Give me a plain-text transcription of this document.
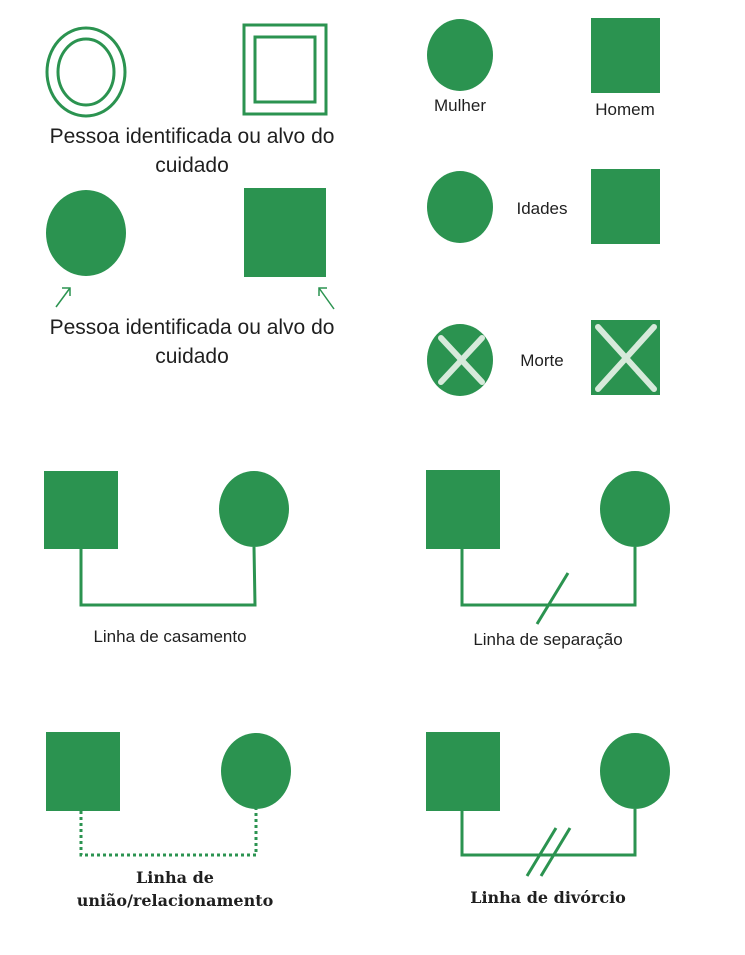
Pessoa identificada ou alvo do cuidado
Pessoa identificada ou alvo do cuidado
Mulher	Homem
Idades
Morte
Linha de casamento	Linha de separação
Linha de união/relacionamento	Linha de divórcio
